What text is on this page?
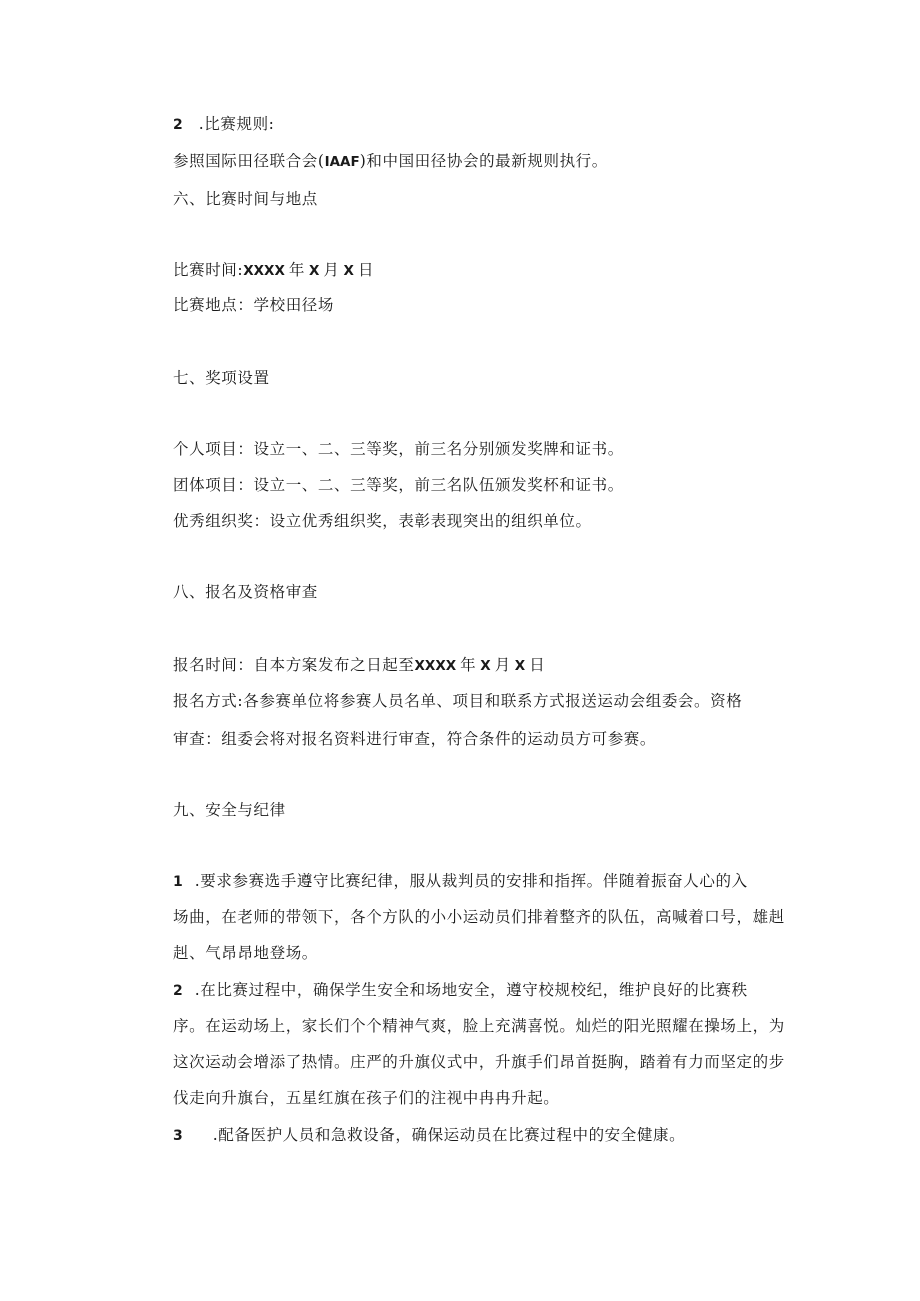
2 .比赛规则:
参照国际田径联合会(IAAF)和中国田径协会的最新规则执行。
六、比赛时间与地点
比赛时间:XXXX 年 X 月 X 日
比赛地点：学校田径场
七、奖项设置
个人项目：设立一、二、三等奖，前三名分别颁发奖牌和证书。
团体项目：设立一、二、三等奖，前三名队伍颁发奖杯和证书。
优秀组织奖：设立优秀组织奖，表彰表现突出的组织单位。
八、报名及资格审查
报名时间：自本方案发布之日起至XXXX 年 X 月 X 日
报名方式:各参赛单位将参赛人员名单、项目和联系方式报送运动会组委会。资格
审查：组委会将对报名资料进行审查，符合条件的运动员方可参赛。
九、安全与纪律
1 .要求参赛选手遵守比赛纪律，服从裁判员的安排和指挥。伴随着振奋人心的入
场曲，在老师的带领下，各个方队的小小运动员们排着整齐的队伍，高喊着口号，雄赳
赳、气昂昂地登场。
2 .在比赛过程中，确保学生安全和场地安全，遵守校规校纪，维护良好的比赛秩
序。在运动场上，家长们个个精神气爽，脸上充满喜悦。灿烂的阳光照耀在操场上，为
这次运动会增添了热情。庄严的升旗仪式中，升旗手们昂首挺胸，踏着有力而坚定的步
伐走向升旗台，五星红旗在孩子们的注视中冉冉升起。
3 .配备医护人员和急救设备，确保运动员在比赛过程中的安全健康。
